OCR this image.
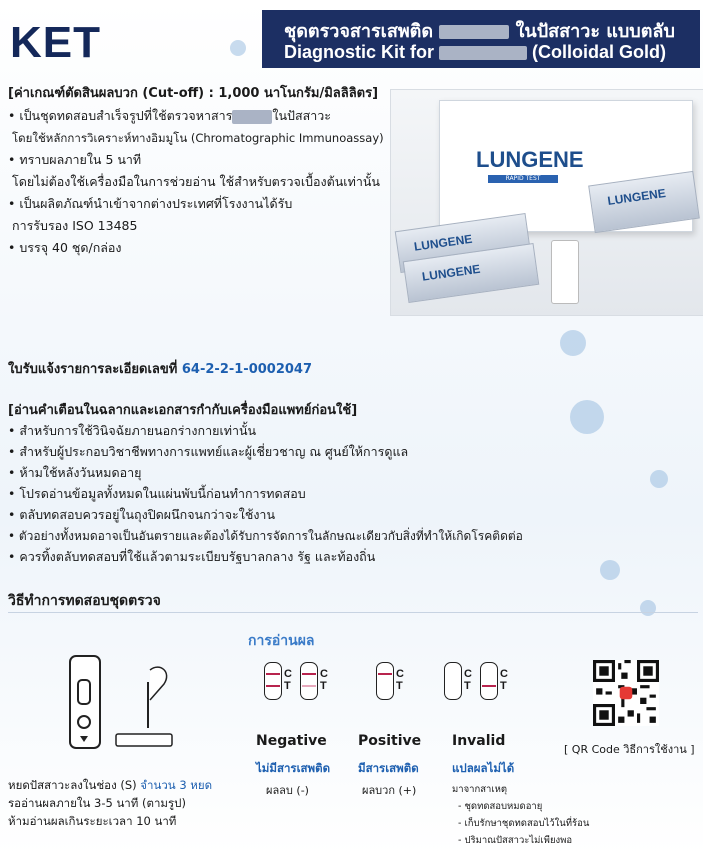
KET	ชุดตรวจสารเสพติด	ในปัสสาวะ แบบตลับ
Diagnostic Kit for	(Colloidal Gold)
[ค่าเกณฑ์ตัดสินผลบวก (Cut-off) : 1,000 นาโนกรัม/มิลลิลิตร]
• เป็นชุดทดสอบสำเร็จรูปที่ใช้ตรวจหาสาร	ในปัสสาวะ
โดยใช้หลักการวิเคราะห์ทางอิมมูโน (Chromatographic Immunoassay)
• ทราบผลภายใน 5 นาที
โดยไม่ต้องใช้เครื่องมือในการช่วยอ่าน ใช้สำหรับตรวจเบื้องต้นเท่านั้น
• เป็นผลิตภัณฑ์นำเข้าจากต่างประเทศที่โรงงานได้รับ
การรับรอง ISO 13485
• บรรจุ 40 ชุด/กล่อง
LUNGENE
RAPID TEST
LUNGENE
LUNGENE
LUNGENE
ใบรับแจ้งรายการละเอียดเลขที่ 64-2-2-1-0002047
[อ่านคำเตือนในฉลากและเอกสารกำกับเครื่องมือแพทย์ก่อนใช้]
• สำหรับการใช้วินิจฉัยภายนอกร่างกายเท่านั้น
• สำหรับผู้ประกอบวิชาชีพทางการแพทย์และผู้เชี่ยวชาญ ณ ศูนย์ให้การดูแล
• ห้ามใช้หลังวันหมดอายุ
• โปรดอ่านข้อมูลทั้งหมดในแผ่นพับนี้ก่อนทำการทดสอบ
• ตลับทดสอบควรอยู่ในถุงปิดผนึกจนกว่าจะใช้งาน
• ตัวอย่างทั้งหมดอาจเป็นอันตรายและต้องได้รับการจัดการในลักษณะเดียวกับสิ่งที่ทำให้เกิดโรคติดต่อ
• ควรทิ้งตลับทดสอบที่ใช้แล้วตามระเบียบรัฐบาลกลาง รัฐ และท้องถิ่น
วิธีทำการทดสอบชุดตรวจ
หยดปัสสาวะลงในช่อง (S) จำนวน 3 หยด
รออ่านผลภายใน 3-5 นาที (ตามรูป)
ห้ามอ่านผลเกินระยะเวลา 10 นาที
การอ่านผล
C
T
C
T
C
T
C
T
C
T
Negative Positive Invalid
ไม่มีสารเสพติด มีสารเสพติด	แปลผลไม่ได้
ผลลบ (-)	ผลบวก (+)	มาจากสาเหตุ
- ชุดทดสอบหมดอายุ
- เก็บรักษาชุดทดสอบไว้ในที่ร้อน
- ปริมาณปัสสาวะไม่เพียงพอ
[ QR Code วิธีการใช้งาน ]
